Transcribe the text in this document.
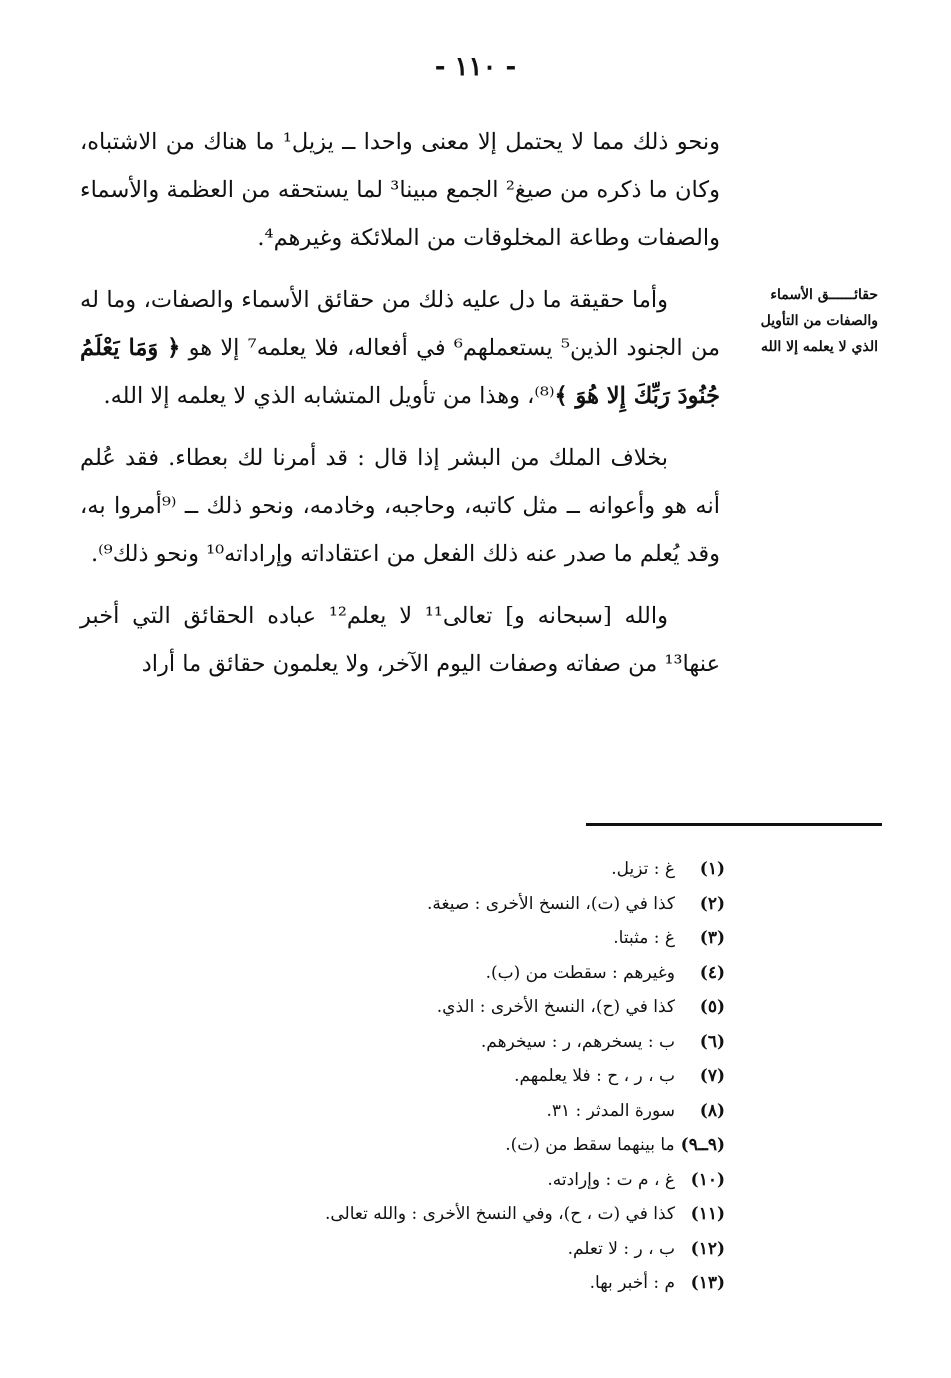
- ١١٠ -

ونحو ذلك مما لا يحتمل إلا معنى واحدا ــ يزيل¹ ما هناك من الاشتباه، وكان ما ذكره من صيغ² الجمع مبينا³ لما يستحقه من العظمة والأسماء والصفات وطاعة المخلوقات من الملائكة وغيرهم⁴.

وأما حقيقة ما دل عليه ذلك من حقائق الأسماء والصفات، وما له من الجنود الذين⁵ يستعملهم⁶ في أفعاله، فلا يعلمه⁷ إلا هو ﴿ وَمَا يَعْلَمُ جُنُودَ رَبِّكَ إِلا هُوَ ﴾⁽⁸⁾، وهذا من تأويل المتشابه الذي لا يعلمه إلا الله.

بخلاف الملك من البشر إذا قال : قد أمرنا لك بعطاء. فقد عُلم أنه هو وأعوانه ــ مثل كاتبه، وحاجبه، وخادمه، ونحو ذلك ــ ⁽⁹أمروا به، وقد يُعلم ما صدر عنه ذلك الفعل من اعتقاداته وإراداته¹⁰ ونحو ذلك⁹⁾.

والله [سبحانه و] تعالى¹¹ لا يعلم¹² عباده الحقائق التي أخبر عنها¹³ من صفاته وصفات اليوم الآخر، ولا يعلمون حقائق ما أراد

حقائــــــق الأسماء والصفات من التأويل الذي لا يعلمه إلا الله
(١)
غ : تزيل.
(٢)
كذا في (ت)، النسخ الأخرى : صيغة.
(٣)
غ : مثبتا.
(٤)
وغيرهم : سقطت من (ب).
(٥)
كذا في (ح)، النسخ الأخرى : الذي.
(٦)
ب : يسخرهم، ر : سيخرهم.
(٧)
ب ، ر ، ح : فلا يعلمهم.
(٨)
سورة المدثر : ٣١.
(٩ــ٩)
ما بينهما سقط من (ت).
(١٠)
غ ، م ت : وإرادته.
(١١)
كذا في (ت ، ح)، وفي النسخ الأخرى : والله تعالى.
(١٢)
ب ، ر : لا تعلم.
(١٣)
م : أخبر بها.
